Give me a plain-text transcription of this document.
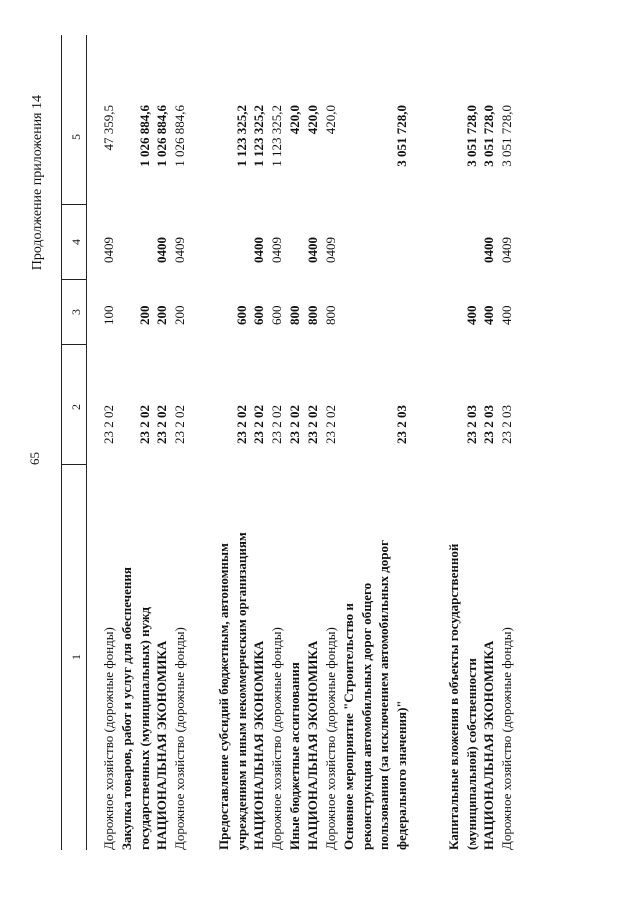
65
Продолжение приложения 14
1
2
3
4
5
Дорожное хозяйство (дорожные фонды)
23 2 02
100
0409
47 359,5
Закупка товаров, работ и услуг для обеспечения государственных (муниципальных) нужд
23 2 02
200
1 026 884,6
НАЦИОНАЛЬНАЯ ЭКОНОМИКА
23 2 02
200
0400
1 026 884,6
Дорожное хозяйство (дорожные фонды)
23 2 02
200
0409
1 026 884,6
Предоставление субсидий бюджетным, автономным учреждениям и иным некоммерческим организациям
23 2 02
600
1 123 325,2
НАЦИОНАЛЬНАЯ ЭКОНОМИКА
23 2 02
600
0400
1 123 325,2
Дорожное хозяйство (дорожные фонды)
23 2 02
600
0409
1 123 325,2
Иные бюджетные ассигнования
23 2 02
800
420,0
НАЦИОНАЛЬНАЯ ЭКОНОМИКА
23 2 02
800
0400
420,0
Дорожное хозяйство (дорожные фонды)
23 2 02
800
0409
420,0
Основное мероприятие "Строительство и реконструкция автомобильных дорог общего пользования (за исключением автомобильных дорог федерального значения)"
23 2 03
3 051 728,0
Капитальные вложения в объекты государственной (муниципальной) собственности
23 2 03
400
3 051 728,0
НАЦИОНАЛЬНАЯ ЭКОНОМИКА
23 2 03
400
0400
3 051 728,0
Дорожное хозяйство (дорожные фонды)
23 2 03
400
0409
3 051 728,0
